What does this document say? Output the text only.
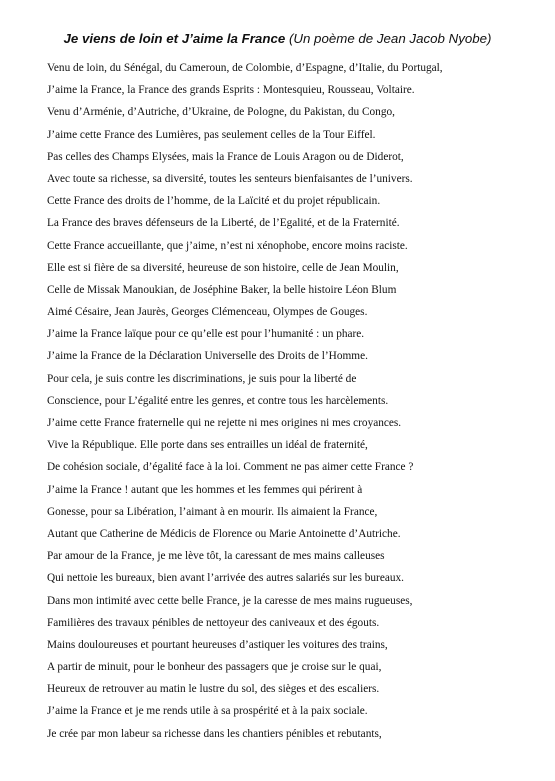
Je viens de loin et J’aime la France (Un poème de Jean Jacob Nyobe)
Venu de loin, du Sénégal, du Cameroun, de Colombie, d’Espagne, d’Italie, du Portugal,
J’aime la France, la France des grands Esprits : Montesquieu, Rousseau, Voltaire.
Venu d’Arménie, d’Autriche, d’Ukraine, de Pologne, du Pakistan, du Congo,
J’aime cette France des Lumières, pas seulement celles de la Tour Eiffel.
Pas celles des Champs Elysées, mais la France de Louis Aragon ou de Diderot,
Avec toute sa richesse, sa diversité, toutes les senteurs bienfaisantes de l’univers.
Cette France des droits de l’homme, de la Laïcité et du projet républicain.
La France des braves défenseurs de la Liberté, de l’Egalité, et de la Fraternité.
Cette France accueillante, que j’aime, n’est ni xénophobe, encore moins raciste.
Elle est si fière de sa diversité, heureuse de son histoire, celle de Jean Moulin,
Celle de Missak Manoukian, de Joséphine Baker, la belle histoire Léon Blum
Aimé Césaire, Jean Jaurès, Georges Clémenceau, Olympes de Gouges.
J’aime la France laïque pour ce qu’elle est pour l’humanité : un phare.
J’aime la France de la Déclaration Universelle des Droits de l’Homme.
Pour cela, je suis contre les discriminations, je suis pour la liberté de
Conscience, pour L’égalité entre les genres, et contre tous les harcèlements.
J’aime cette France fraternelle qui ne rejette ni mes origines ni mes croyances.
Vive la République. Elle porte dans ses entrailles un idéal de fraternité,
De cohésion sociale, d’égalité face à la loi. Comment ne pas aimer cette France ?
J’aime la France ! autant que les hommes et les femmes qui périrent à
Gonesse, pour sa Libération, l’aimant à en mourir. Ils aimaient la France,
Autant que Catherine de Médicis de Florence ou Marie Antoinette d’Autriche.
Par amour de la France, je me lève tôt, la caressant de mes mains calleuses
Qui nettoie les bureaux, bien avant l’arrivée des autres salariés sur les bureaux.
Dans mon intimité avec cette belle France, je la caresse de mes mains rugueuses,
Familières des travaux pénibles de nettoyeur des caniveaux et des égouts.
Mains douloureuses et pourtant heureuses d’astiquer les voitures des trains,
A partir de minuit, pour le bonheur des passagers que je croise sur le quai,
Heureux de retrouver au matin le lustre du sol, des sièges et des escaliers.
J’aime la France et je me rends utile à sa prospérité et à la paix sociale.
Je crée par mon labeur sa richesse dans les chantiers pénibles et rebutants,
